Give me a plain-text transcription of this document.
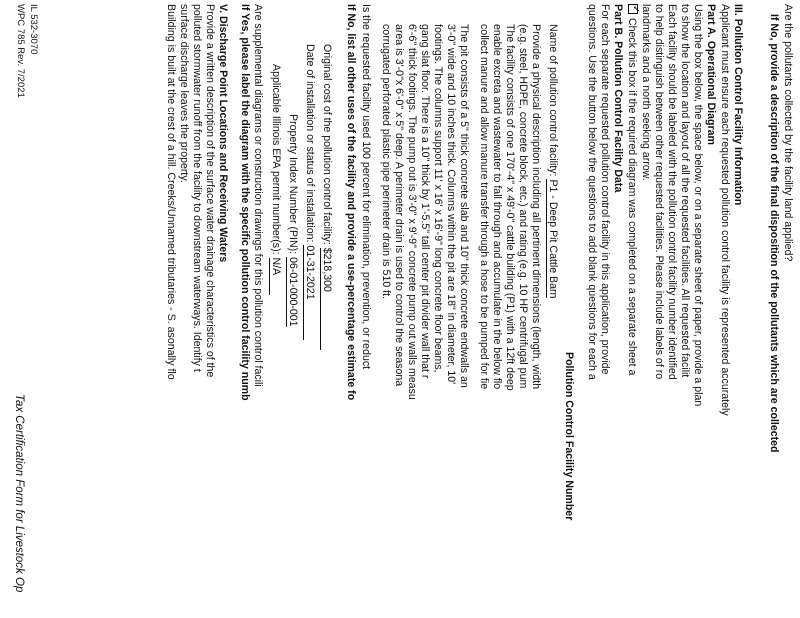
Are the pollutants collected by the facility land applied?
If No, provide a description of the final disposition of the pollutants which are collected
III. Pollution Control Facility Information
Applicant must ensure each requested pollution control facility is represented accurately
Part A. Operational Diagram
Using the box below, the space below, or on a separate sheet of paper, provide a plan
to show the location and layout of all the requested facilities. All requested facilit
Each facility should be labeled with the pollution control facility number identified
to help distinguish between other requested facilities. Please include labels of ro
landmarks and a north seeking arrow.
✓Check this box if the required diagram was completed on a separate sheet a
Part B. Pollution Control Facility Data
For each separate requested pollution control facility in this application, provide
questions. Use the button below the questions to add blank questions for each a
Pollution Control Facility Number
Name of pollution control facility: P1 - Deep Pit Cattle Barn
Provide a physical description including all pertinent dimensions (length, width
(e.g. steel, HDPE, concrete block, etc.) and rating (e.g. 10 HP centrifugal pum
The facility consists of one 170'-4" x 49'-0" cattle building (P1) with a 12ft deep
enable excreta and wastewater to fall through and accumulate in the below flo
collect manure and allow manure transfer through a hose to be pumped for fie
The pit consists of a 5" thick concrete slab and 10" thick concrete endwalls an
3'-0" wide and 10 inches thick. Columns within the pit are 18" in diameter, 10'
footings. The columns support 11' x 16' x 16'-9" long concrete floor beams,
gang slat floor. There is a 10" thick by 1'-5.5" tall center pit divider wall that r
6'-6" thick footings. The pump out is 3'-0" x 9'-9" concrete pump out walls measu
area is 3'-0"x 6'-0" x 5" deep. A perimeter drain is used to control the seasona
corrugated perforated plastic pipe perimeter drain is 510 ft.
Is the requested facility used 100 percent for elimination, prevention, or reduct
If No, list all other uses of the facility and provide a use-percentage estimate fo
Original cost of the pollution control facility: $218,300
Date of installation or status of installation: 01-31-2021
Property Index Number (PIN): 06-01-000-001
Applicable Illinois EPA permit number(s): N/A
Are supplemental diagrams or construction drawings for this pollution control facili
If Yes, please label the diagram with the specific pollution control facility numb
V. Discharge Point Locations and Receiving Waters
Provide a written description of the surface water drainage characteristics of the
polluted stormwater runoff from the facility to downstream waterways. Identify t
surface discharge leaves the property.
Building is built at the crest of a hill. Creeks/Unnamed tributaries - S. asonally flo
IL 532-3070
WPC 785 Rev. 7/2021
Tax Certification Form for Livestock Op
